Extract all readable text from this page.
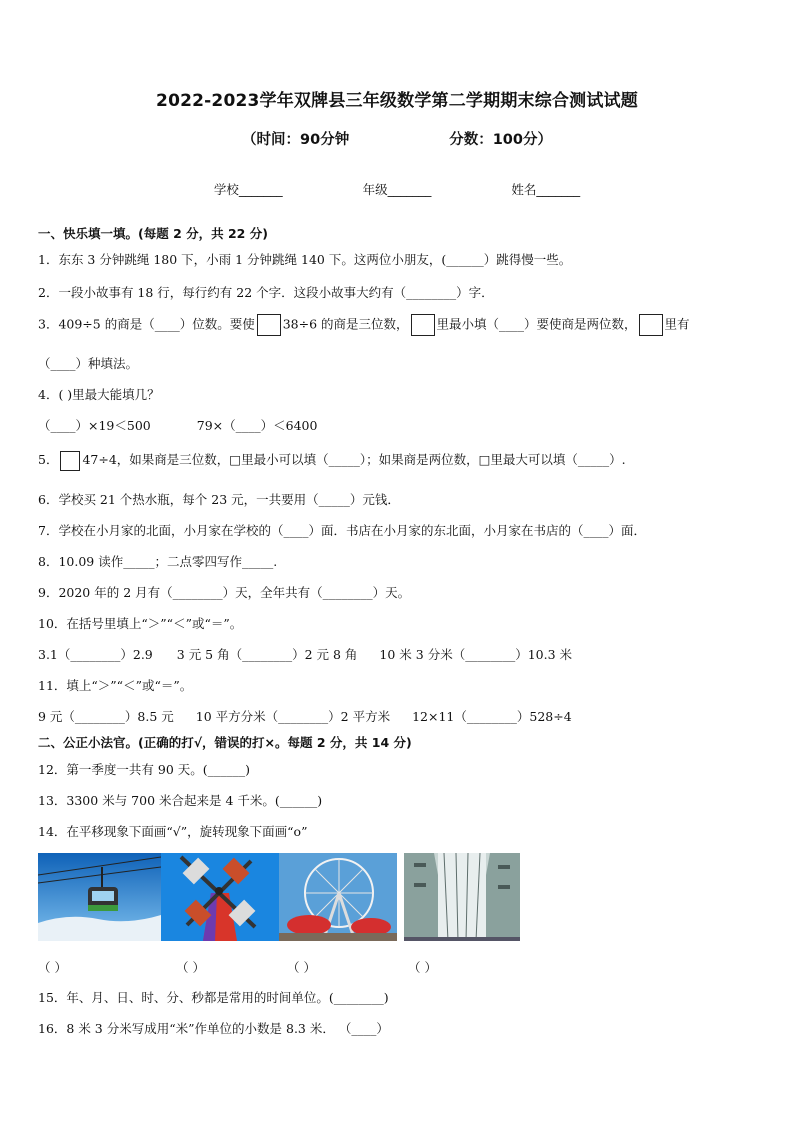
2022-2023学年双牌县三年级数学第二学期期末综合测试试题
（时间：90分钟	分数：100分）
学校_______	年级_______	姓名_______
一、快乐填一填。(每题 2 分，共 22 分)
1．东东 3 分钟跳绳 180 下，小雨 1 分钟跳绳 140 下。这两位小朋友，(______）跳得慢一些。
2．一段小故事有 18 行，每行约有 22 个字．这段小故事大约有（________）字．
3．409÷5 的商是（____）位数。要使 38÷6 的商是三位数， 里最小填（____）要使商是两位数， 里有
（____）种填法。
4．( )里最大能填几？
（____）×19＜500	79×（____）＜6400
5． 47÷4，如果商是三位数，□里最小可以填（_____）；如果商是两位数，□里最大可以填（_____）.
6．学校买 21 个热水瓶，每个 23 元，一共要用（_____）元钱．
7．学校在小月家的北面，小月家在学校的（____）面．书店在小月家的东北面，小月家在书店的（____）面．
8．10.09 读作_____；二点零四写作_____.
9．2020 年的 2 月有（________）天，全年共有（________）天。
10．在括号里填上“＞”“＜”或“＝”。
3.1（________）2.9 3 元 5 角（________）2 元 8 角 10 米 3 分米（________）10.3 米
11．填上“＞”“＜”或“＝”。
9 元（________）8.5 元 10 平方分米（________）2 平方米 12×11（________）528÷4
二、公正小法官。(正确的打√，错误的打×。每题 2 分，共 14 分)
12．第一季度一共有 90 天。(______)
13．3300 米与 700 米合起来是 4 千米。(______)
14．在平移现象下面画“√”，旋转现象下面画“o”
（ ）	（ ）	（ ）	（ ）
15．年、月、日、时、分、秒都是常用的时间单位。(________)
16．8 米 3 分米写成用“米”作单位的小数是 8.3 米． （____）
